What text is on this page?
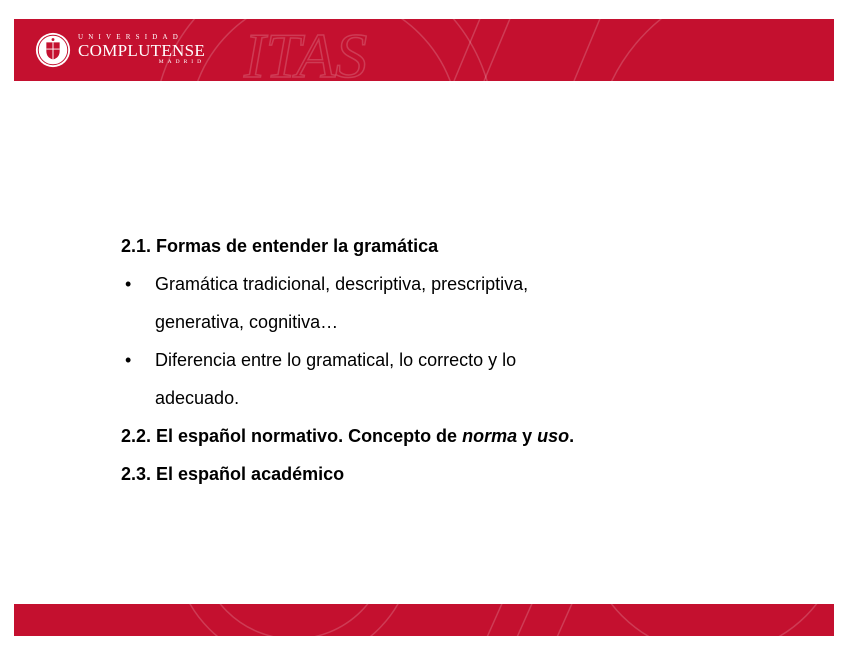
ITAS
UNIVERSIDAD
COMPLUTENSE
MADRID
2.1. Formas de entender la gramática
•	Gramática tradicional, descriptiva, prescriptiva,
generativa, cognitiva…
•	Diferencia entre lo gramatical, lo correcto y lo
adecuado.
2.2. El español normativo. Concepto de norma y uso.
2.3. El español académico
